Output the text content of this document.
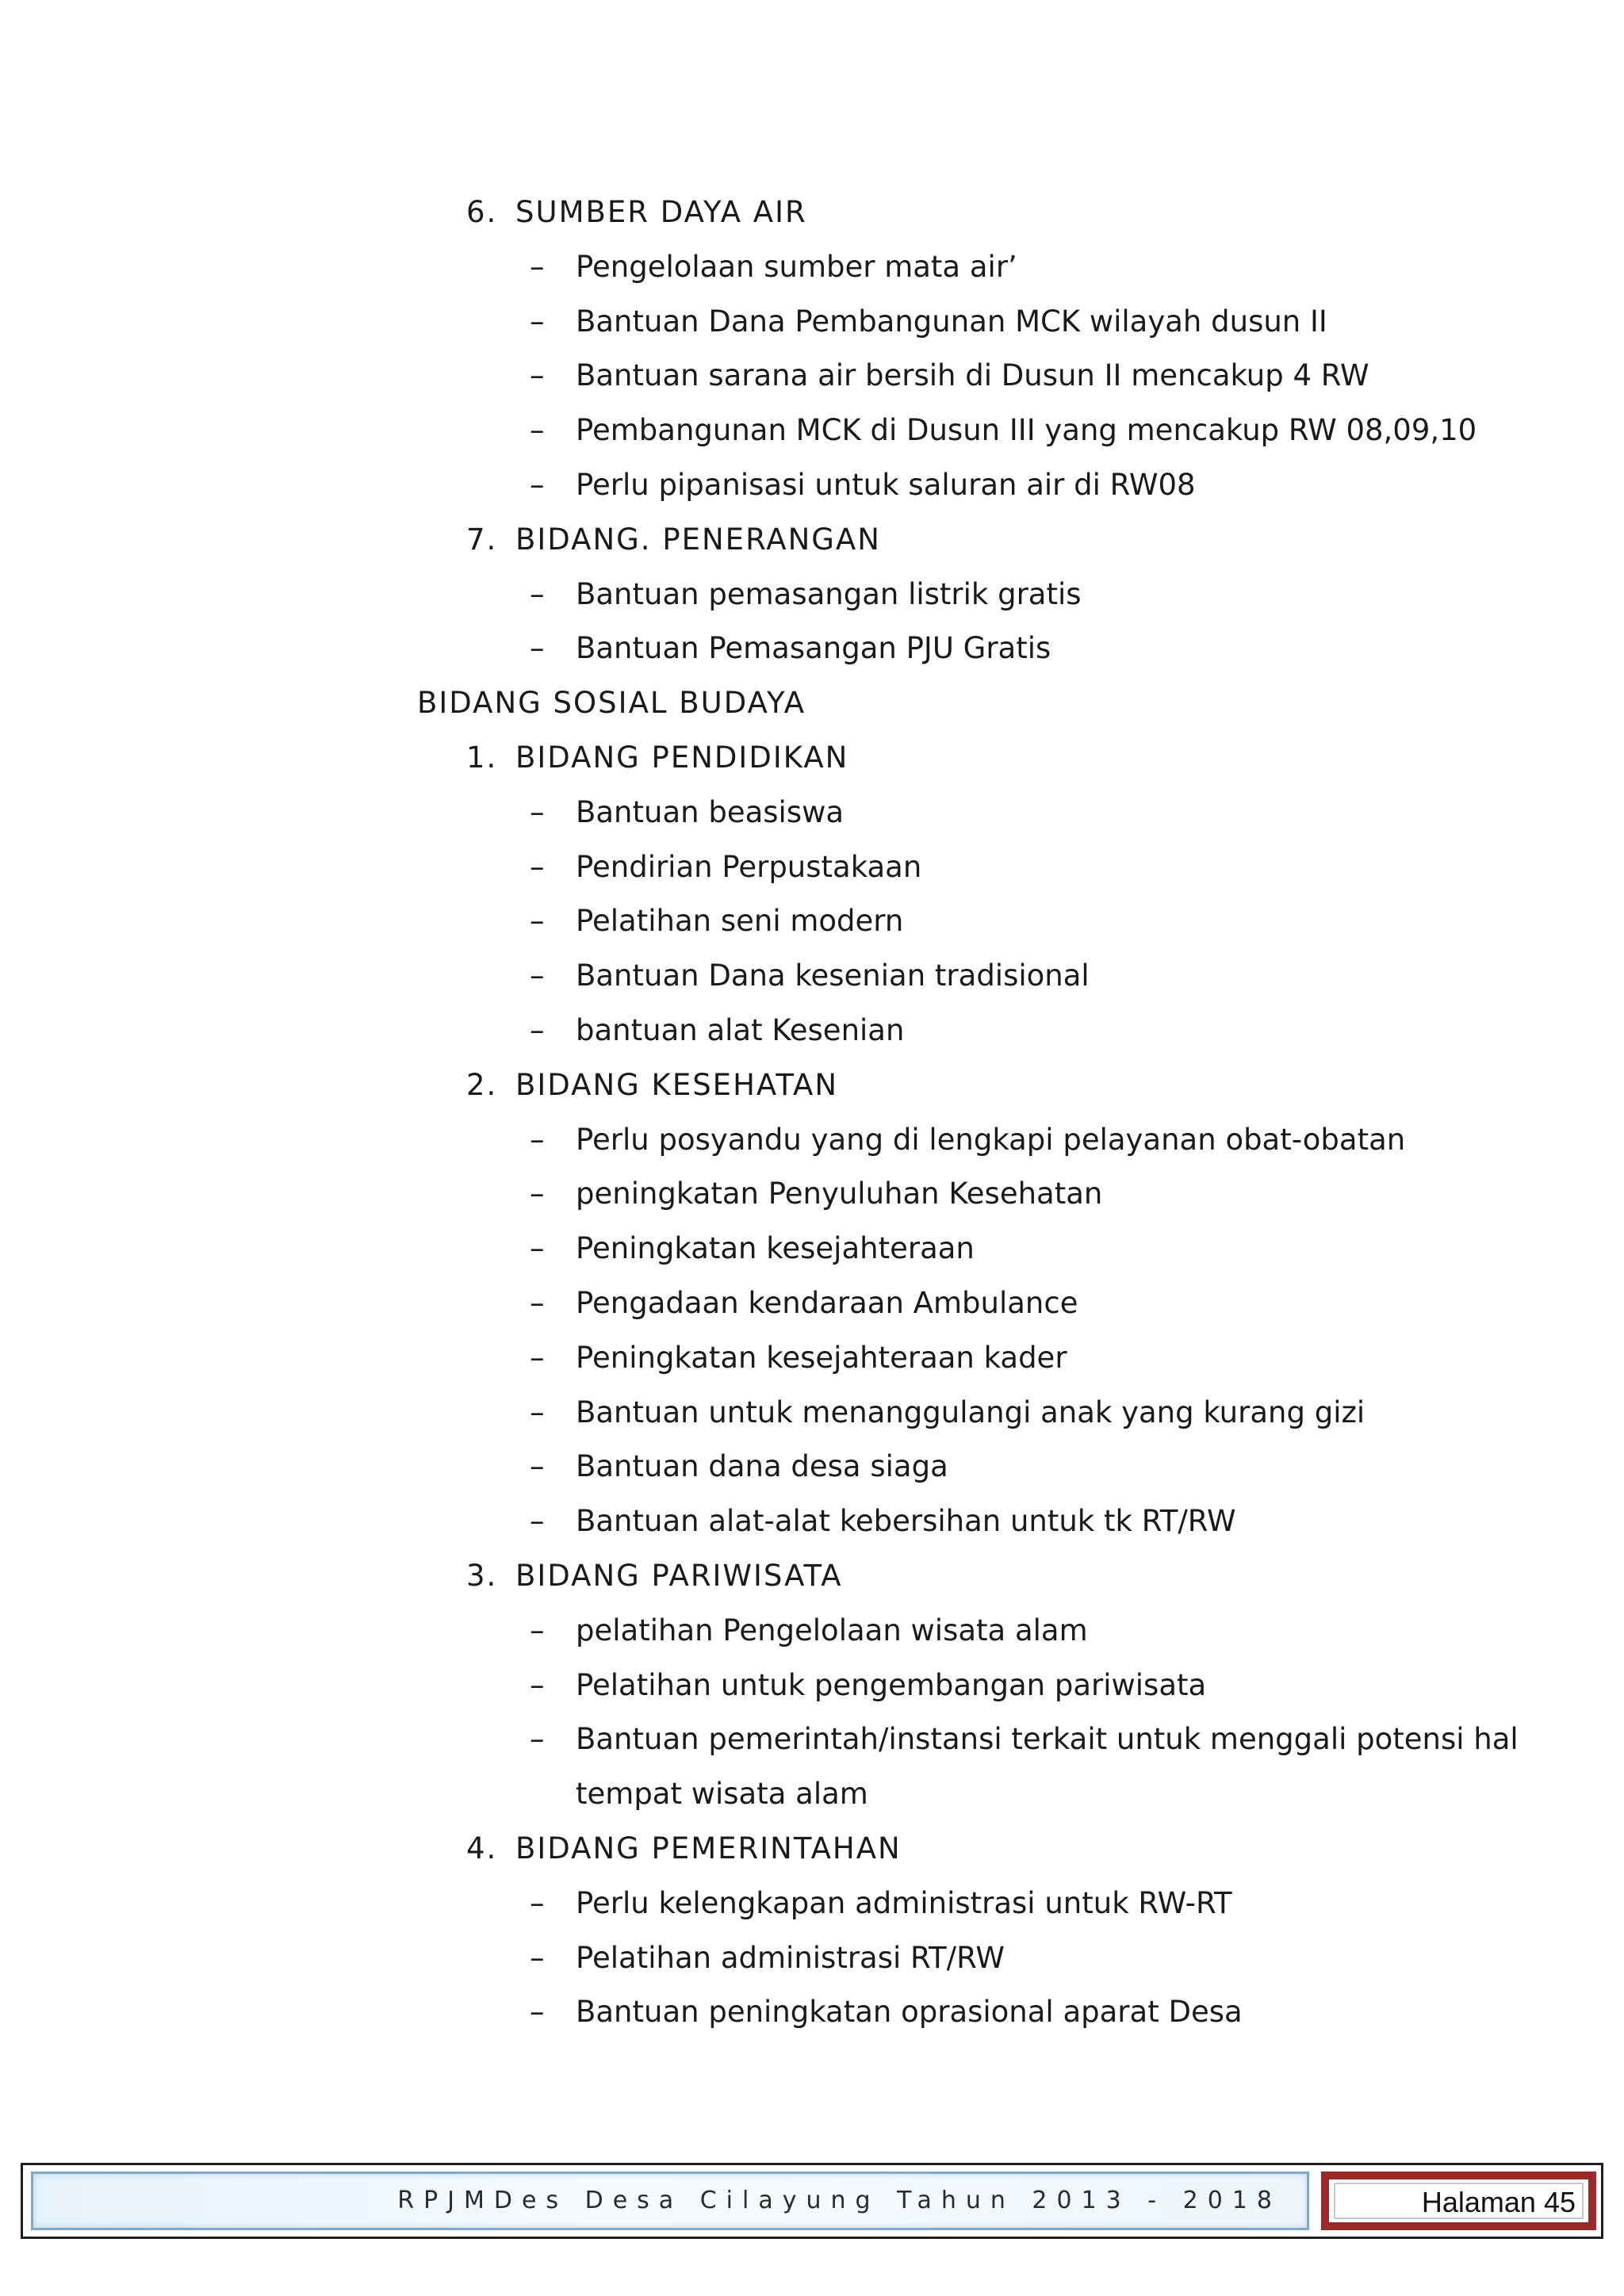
6. SUMBER DAYA AIR
– Pengelolaan sumber mata air’
– Bantuan Dana Pembangunan MCK wilayah dusun II
– Bantuan sarana air bersih di Dusun II mencakup 4 RW
– Pembangunan MCK di Dusun III yang mencakup RW 08,09,10
– Perlu pipanisasi untuk saluran air di RW08
7. BIDANG. PENERANGAN
– Bantuan pemasangan listrik gratis
– Bantuan Pemasangan PJU Gratis
BIDANG SOSIAL BUDAYA
1. BIDANG PENDIDIKAN
– Bantuan beasiswa
– Pendirian Perpustakaan
– Pelatihan seni modern
– Bantuan Dana kesenian tradisional
– bantuan alat Kesenian
2. BIDANG KESEHATAN
– Perlu posyandu yang di lengkapi pelayanan obat-obatan
– peningkatan Penyuluhan Kesehatan
– Peningkatan kesejahteraan
– Pengadaan kendaraan Ambulance
– Peningkatan kesejahteraan kader
– Bantuan untuk menanggulangi anak yang kurang gizi
– Bantuan dana desa siaga
– Bantuan alat-alat kebersihan untuk tk RT/RW
3. BIDANG PARIWISATA
– pelatihan Pengelolaan wisata alam
– Pelatihan untuk pengembangan pariwisata
– Bantuan pemerintah/instansi terkait untuk menggali potensi hal
tempat wisata alam
4. BIDANG PEMERINTAHAN
– Perlu kelengkapan administrasi untuk RW-RT
– Pelatihan administrasi RT/RW
– Bantuan peningkatan oprasional aparat Desa
RPJMDes Desa Cilayung Tahun 2013 - 2018	Halaman 45
